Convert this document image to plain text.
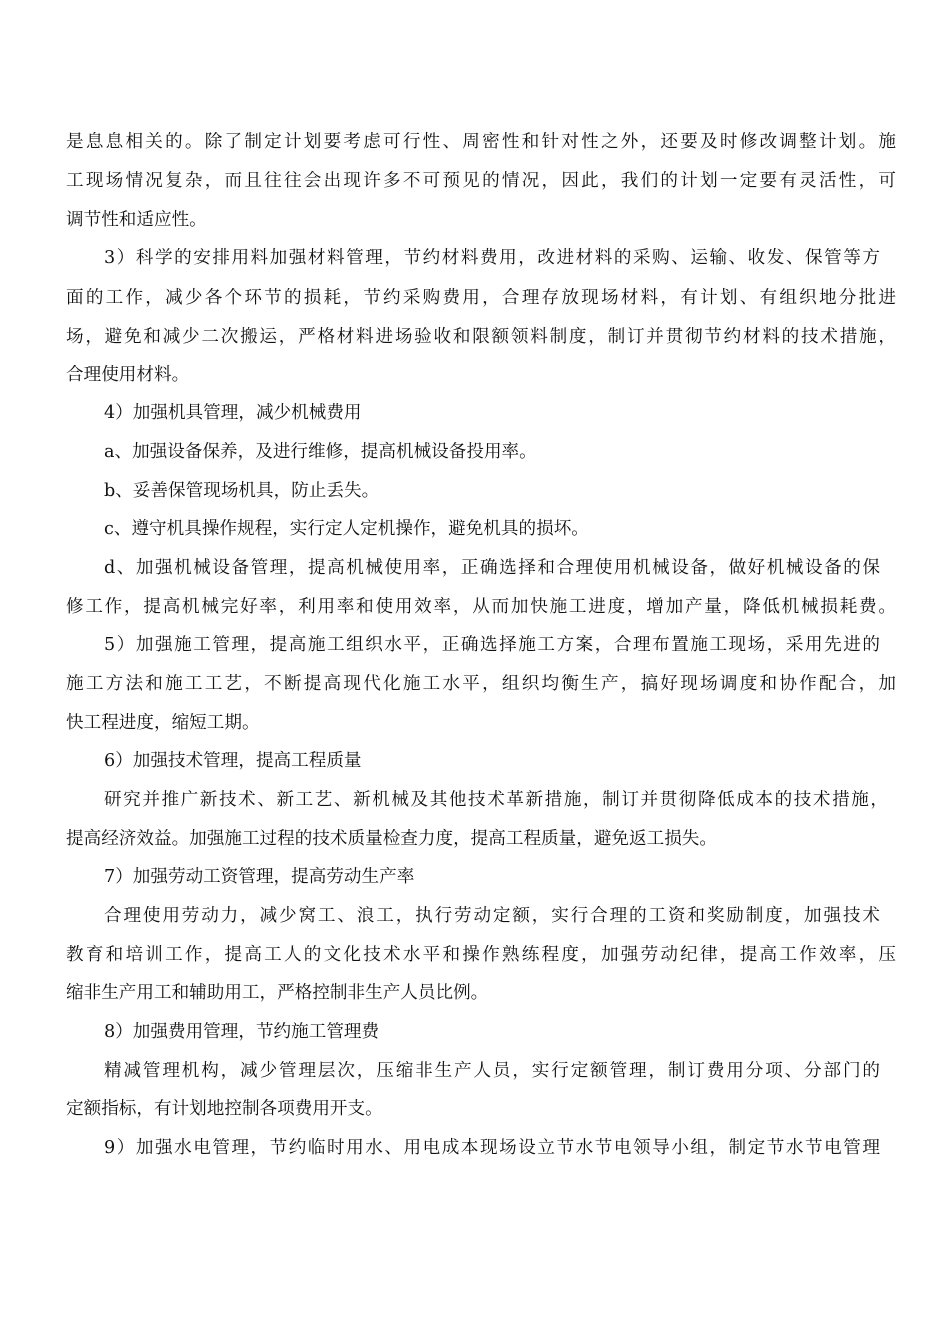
是息息相关的。除了制定计划要考虑可行性、周密性和针对性之外，还要及时修改调整计划。施
工现场情况复杂，而且往往会出现许多不可预见的情况，因此，我们的计划一定要有灵活性，可
调节性和适应性。
3）科学的安排用料加强材料管理，节约材料费用，改进材料的采购、运输、收发、保管等方
面的工作，减少各个环节的损耗，节约采购费用，合理存放现场材料，有计划、有组织地分批进
场，避免和减少二次搬运，严格材料进场验收和限额领料制度，制订并贯彻节约材料的技术措施，
合理使用材料。
4）加强机具管理，减少机械费用
a、加强设备保养，及进行维修，提高机械设备投用率。
b、妥善保管现场机具，防止丢失。
c、遵守机具操作规程，实行定人定机操作，避免机具的损坏。
d、加强机械设备管理，提高机械使用率，正确选择和合理使用机械设备，做好机械设备的保
修工作，提高机械完好率，利用率和使用效率，从而加快施工进度，增加产量，降低机械损耗费。
5）加强施工管理，提高施工组织水平，正确选择施工方案，合理布置施工现场，采用先进的
施工方法和施工工艺，不断提高现代化施工水平，组织均衡生产，搞好现场调度和协作配合，加
快工程进度，缩短工期。
6）加强技术管理，提高工程质量
研究并推广新技术、新工艺、新机械及其他技术革新措施，制订并贯彻降低成本的技术措施，
提高经济效益。加强施工过程的技术质量检查力度，提高工程质量，避免返工损失。
7）加强劳动工资管理，提高劳动生产率
合理使用劳动力，减少窝工、浪工，执行劳动定额，实行合理的工资和奖励制度，加强技术
教育和培训工作，提高工人的文化技术水平和操作熟练程度，加强劳动纪律，提高工作效率，压
缩非生产用工和辅助用工，严格控制非生产人员比例。
8）加强费用管理，节约施工管理费
精减管理机构，减少管理层次，压缩非生产人员，实行定额管理，制订费用分项、分部门的
定额指标，有计划地控制各项费用开支。
9）加强水电管理，节约临时用水、用电成本现场设立节水节电领导小组，制定节水节电管理
